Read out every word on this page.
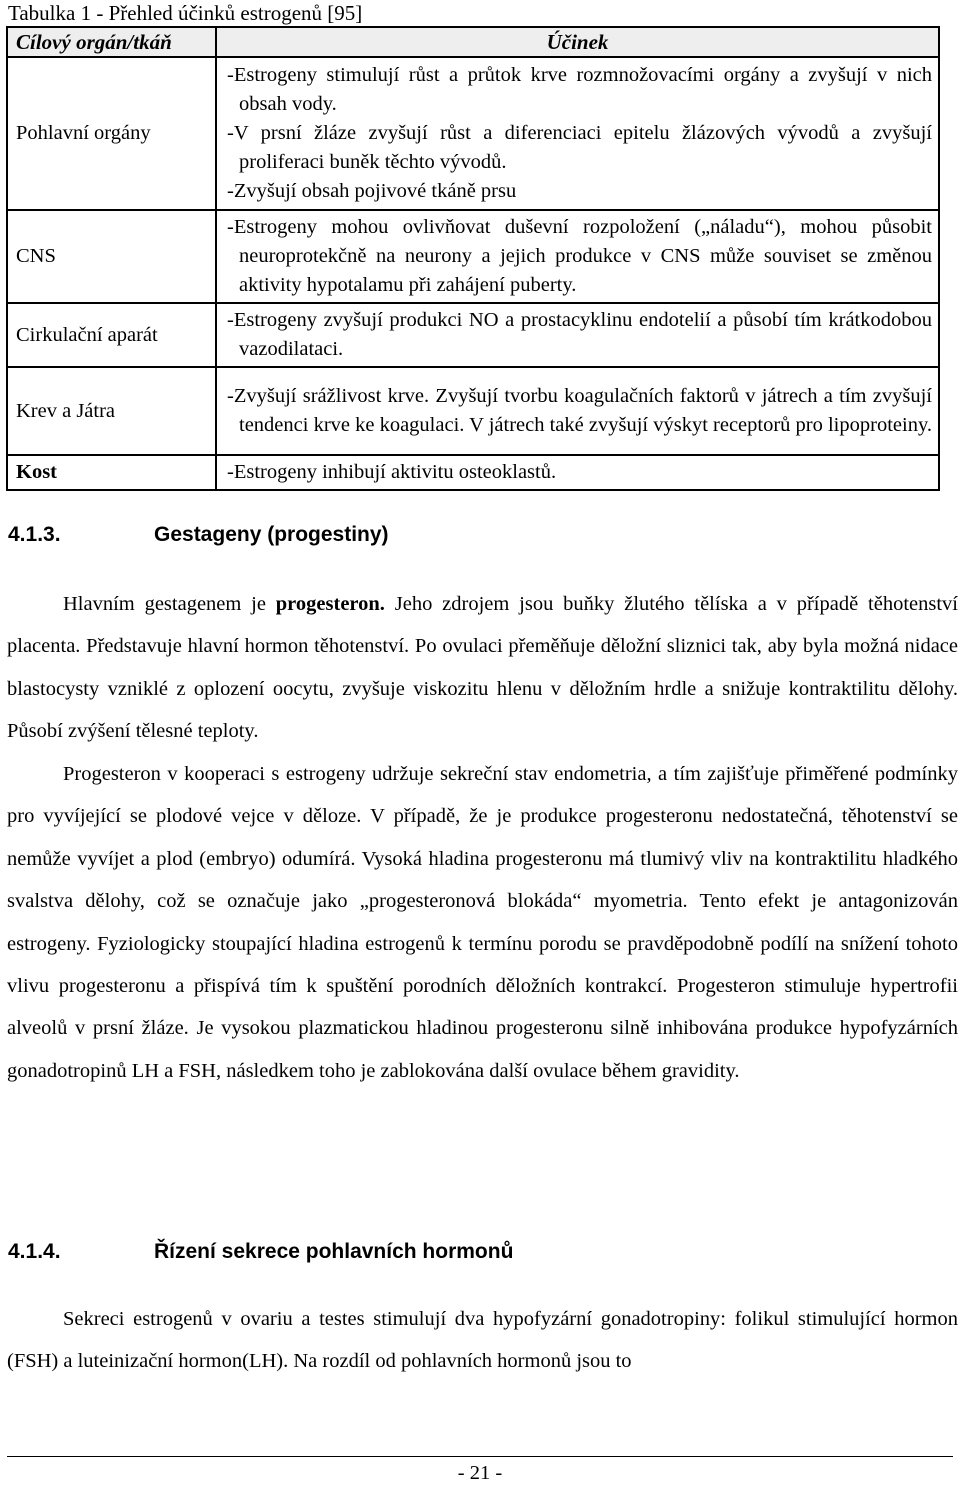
Tabulka 1 - Přehled účinků estrogenů [95]
Cílový orgán/tkáň	Účinek
Pohlavní orgány	-Estrogeny stimulují růst a průtok krve rozmnožovacími orgány a zvyšují v nich obsah vody.
-V prsní žláze zvyšují růst a diferenciaci epitelu žlázových vývodů a zvyšují proliferaci buněk těchto vývodů.
-Zvyšují obsah pojivové tkáně prsu

CNS	-Estrogeny mohou ovlivňovat duševní rozpoložení („náladu“), mohou působit neuroprotekčně na neurony a jejich produkce v CNS může souviset se změnou aktivity hypotalamu při zahájení puberty.

Cirkulační aparát	-Estrogeny zvyšují produkci NO a prostacyklinu endotelií a působí tím krátkodobou vazodilataci.

Krev a Játra	-Zvyšují srážlivost krve. Zvyšují tvorbu koagulačních faktorů v játrech a tím zvyšují tendenci krve ke koagulaci. V játrech také zvyšují výskyt receptorů pro lipoproteiny.

Kost	-Estrogeny inhibují aktivitu osteoklastů.
4.1.3.	Gestageny (progestiny)

Hlavním gestagenem je progesteron. Jeho zdrojem jsou buňky žlutého tělíska a v případě těhotenství placenta. Představuje hlavní hormon těhotenství. Po ovulaci přeměňuje děložní sliznici tak, aby byla možná nidace blastocysty vzniklé z oplození oocytu, zvyšuje viskozitu hlenu v děložním hrdle a snižuje kontraktilitu dělohy. Působí zvýšení tělesné teploty.

Progesteron v kooperaci s estrogeny udržuje sekreční stav endometria, a tím zajišťuje přiměřené podmínky pro vyvíjející se plodové vejce v děloze. V případě, že je produkce progesteronu nedostatečná, těhotenství se nemůže vyvíjet a plod (embryo) odumírá. Vysoká hladina progesteronu má tlumivý vliv na kontraktilitu hladkého svalstva dělohy, což se označuje jako „progesteronová blokáda“ myometria. Tento efekt je antagonizován estrogeny. Fyziologicky stoupající hladina estrogenů k termínu porodu se pravděpodobně podílí na snížení tohoto vlivu progesteronu a přispívá tím k spuštění porodních děložních kontrakcí. Progesteron stimuluje hypertrofii alveolů v prsní žláze. Je vysokou plazmatickou hladinou progesteronu silně inhibována produkce hypofyzárních gonadotropinů LH a FSH, následkem toho je zablokována další ovulace během gravidity.

4.1.4.	Řízení sekrece pohlavních hormonů

Sekreci estrogenů v ovariu a testes stimulují dva hypofyzární gonadotropiny: folikul stimulující hormon (FSH) a luteinizační hormon(LH). Na rozdíl od pohlavních hormonů jsou to

- 21 -
